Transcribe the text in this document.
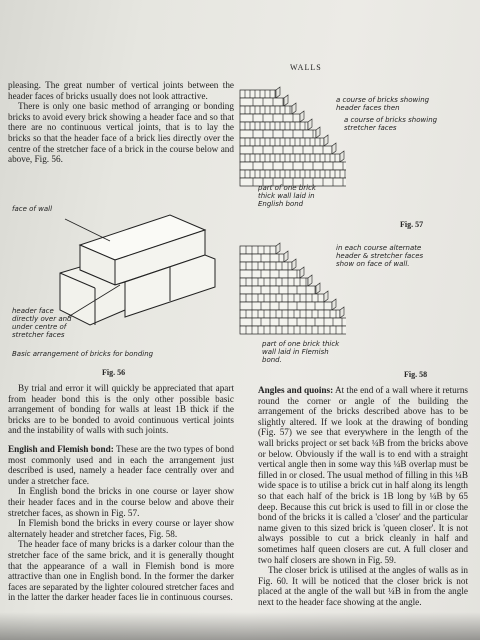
WALLS

pleasing. The great number of vertical joints between the header faces of bricks usually does not look attractive.

There is only one basic method of arranging or bonding bricks to avoid every brick showing a header face and so that there are no continuous vertical joints, that is to lay the bricks so that the header face of a brick lies directly over the centre of the stretcher face of a brick in the course below and above, Fig. 56.

face of wall
header face directly over and under centre of stretcher faces
Basic arrangement of bricks for bonding
Fig. 56

By trial and error it will quickly be appreciated that apart from header bond this is the only other possible basic arrangement of bonding for walls at least 1B thick if the bricks are to be bonded to avoid continuous vertical joints and the instability of walls with such joints.

English and Flemish bond: These are the two types of bond most commonly used and in each the arrangement just described is used, namely a header face centrally over and under a stretcher face.

In English bond the bricks in one course or layer show their header faces and in the course below and above their stretcher faces, as shown in Fig. 57.

In Flemish bond the bricks in every course or layer show alternately header and stretcher faces, Fig. 58.

The header face of many bricks is a darker colour than the stretcher face of the same brick, and it is generally thought that the appearance of a wall in Flemish bond is more attractive than one in English bond. In the former the darker faces are separated by the lighter coloured stretcher faces and in the latter the darker header faces lie in continuous courses.

a course of bricks showing header faces then
a course of bricks showing stretcher faces
part of one brick thick wall laid in English bond
Fig. 57
in each course alternate header & stretcher faces show on face of wall.
part of one brick thick wall laid in Flemish bond.
Fig. 58

Angles and quoins: At the end of a wall where it returns round the corner or angle of the building the arrangement of the bricks described above has to be slightly altered. If we look at the drawing of bonding (Fig. 57) we see that everywhere in the length of the wall bricks project or set back ¼B from the bricks above or below. Obviously if the wall is to end with a straight vertical angle then in some way this ¼B overlap must be filled in or closed. The usual method of filling in this ¼B wide space is to utilise a brick cut in half along its length so that each half of the brick is 1B long by ¼B by 65 deep. Because this cut brick is used to fill in or close the bond of the bricks it is called a 'closer' and the particular name given to this sized brick is 'queen closer'. It is not always possible to cut a brick cleanly in half and sometimes half queen closers are cut. A full closer and two half closers are shown in Fig. 59.

The closer brick is utilised at the angles of walls as in Fig. 60. It will be noticed that the closer brick is not placed at the angle of the wall but ¼B in from the angle next to the header face showing at the angle.
